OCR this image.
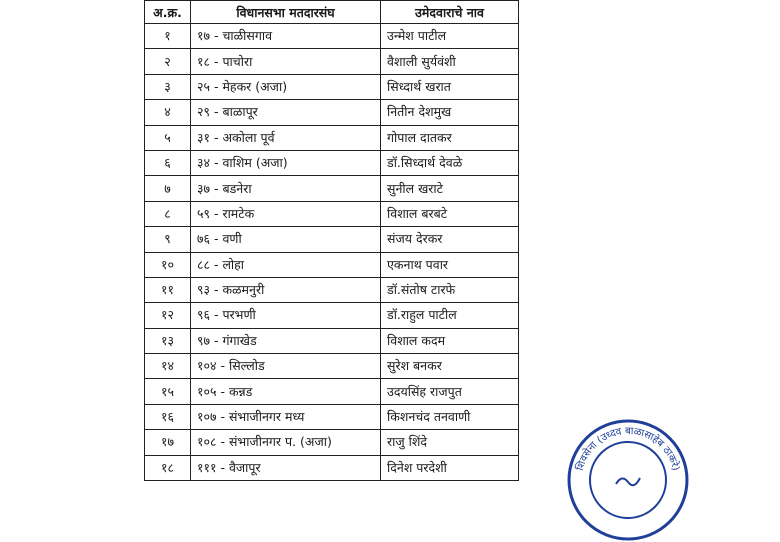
अ.क्र.	विधानसभा मतदारसंघ	उमेदवाराचे नाव
१	१७ - चाळीसगाव	उन्मेश पाटील
२	१८ - पाचोरा	वैशाली सुर्यवंशी
३	२५ - मेहकर (अजा)	सिध्दार्थ खरात
४	२९ - बाळापूर	नितीन देशमुख
५	३१ - अकोला पूर्व	गोपाल दातकर
६	३४ - वाशिम (अजा)	डॉ.सिध्दार्थ देवळे
७	३७ - बडनेरा	सुनील खराटे
८	५९ - रामटेक	विशाल बरबटे
९	७६ - वणी	संजय देरकर
१०	८८ - लोहा	एकनाथ पवार
११	९३ - कळमनुरी	डॉ.संतोष टारफे
१२	९६ - परभणी	डॉ.राहुल पाटील
१३	९७ - गंगाखेड	विशाल कदम
१४	१०४ - सिल्लोड	सुरेश बनकर
१५	१०५ - कन्नड	उदयसिंह राजपुत
१६	१०७ - संभाजीनगर मध्य	किशनचंद तनवाणी
१७	१०८ - संभाजीनगर प. (अजा)	राजु शिंदे
१८	१११ - वैजापूर	दिनेश परदेशी	शिवसेना (उध्दव बाळासाहेब ठाकरे)
